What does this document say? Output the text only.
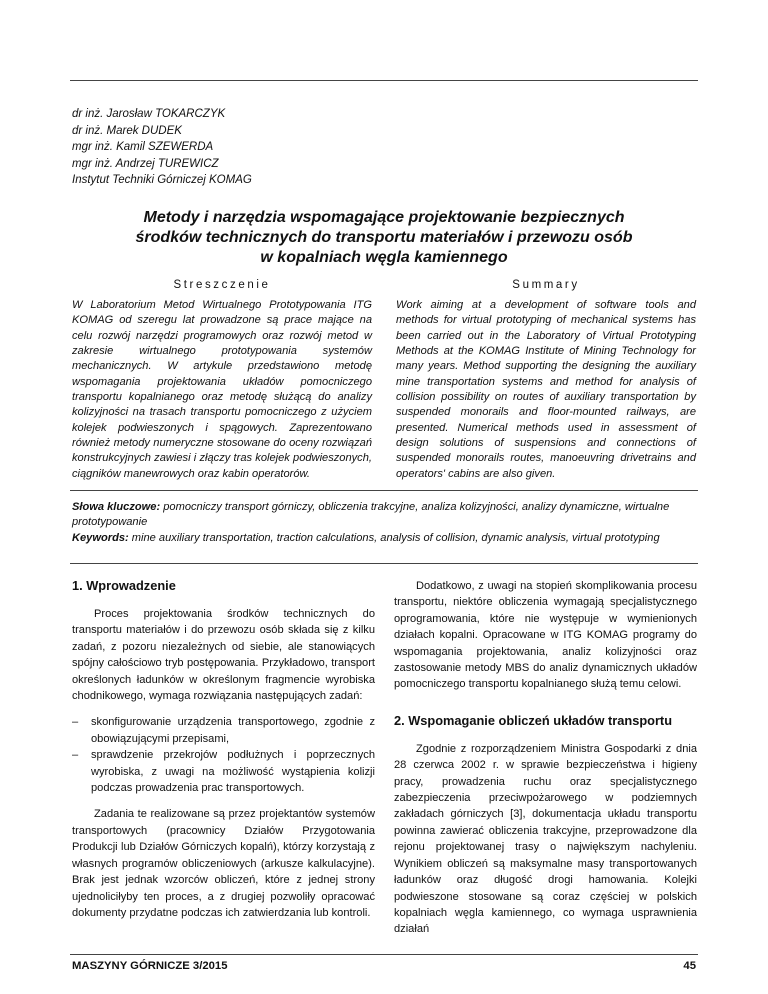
dr inż. Jarosław TOKARCZYK
dr inż. Marek DUDEK
mgr inż. Kamil SZEWERDA
mgr inż. Andrzej TUREWICZ
Instytut Techniki Górniczej KOMAG
Metody i narzędzia wspomagające projektowanie bezpiecznych
środków technicznych do transportu materiałów i przewozu osób
w kopalniach węgla kamiennego
Streszczenie	Summary
W Laboratorium Metod Wirtualnego Prototypowania ITG KOMAG od szeregu lat prowadzone są prace mające na celu rozwój narzędzi programowych oraz rozwój metod w zakresie wirtualnego prototypowania systemów mechanicznych. W artykule przedstawiono metodę wspomagania projektowania układów pomocniczego transportu kopalnianego oraz metodę służącą do analizy kolizyjności na trasach transportu pomocniczego z użyciem kolejek podwieszonych i spągowych. Zaprezentowano również metody numeryczne stosowane do oceny rozwiązań konstrukcyjnych zawiesi i złączy tras kolejek podwieszonych, ciągników manewrowych oraz kabin operatorów.
Work aiming at a development of software tools and methods for virtual prototyping of mechanical systems has been carried out in the Laboratory of Virtual Prototyping Methods at the KOMAG Institute of Mining Technology for many years. Method supporting the designing the auxiliary mine transportation systems and method for analysis of collision possibility on routes of auxiliary transportation by suspended monorails and floor-mounted railways, are presented. Numerical methods used in assessment of design solutions of suspensions and connections of suspended monorails routes, manoeuvring drivetrains and operators' cabins are also given.
Słowa kluczowe: pomocniczy transport górniczy, obliczenia trakcyjne, analiza kolizyjności, analizy dynamiczne, wirtualne prototypowanie
Keywords: mine auxiliary transportation, traction calculations, analysis of collision, dynamic analysis, virtual prototyping
1. Wprowadzenie

Proces projektowania środków technicznych do transportu materiałów i do przewozu osób składa się z kilku zadań, z pozoru niezależnych od siebie, ale stanowiących spójny całościowo tryb postępowania. Przykładowo, transport określonych ładunków w określonym fragmencie wyrobiska chodnikowego, wymaga rozwiązania następujących zadań:

– skonfigurowanie urządzenia transportowego, zgodnie z obowiązującymi przepisami,
– sprawdzenie przekrojów podłużnych i poprzecznych wyrobiska, z uwagi na możliwość wystąpienia kolizji podczas prowadzenia prac transportowych.

Zadania te realizowane są przez projektantów systemów transportowych (pracownicy Działów Przygotowania Produkcji lub Działów Górniczych kopalń), którzy korzystają z własnych programów obliczeniowych (arkusze kalkulacyjne). Brak jest jednak wzorców obliczeń, które z jednej strony ujednoliciłyby ten proces, a z drugiej pozwoliły opracować dokumenty przydatne podczas ich zatwierdzania lub kontroli.

Dodatkowo, z uwagi na stopień skomplikowania procesu transportu, niektóre obliczenia wymagają specjalistycznego oprogramowania, które nie występuje w wymienionych działach kopalni. Opracowane w ITG KOMAG programy do wspomagania projektowania, analiz kolizyjności oraz zastosowanie metody MBS do analiz dynamicznych układów pomocniczego transportu kopalnianego służą temu celowi.

2. Wspomaganie obliczeń układów transportu

Zgodnie z rozporządzeniem Ministra Gospodarki z dnia 28 czerwca 2002 r. w sprawie bezpieczeństwa i higieny pracy, prowadzenia ruchu oraz specjalistycznego zabezpieczenia przeciwpożarowego w podziemnych zakładach górniczych [3], dokumentacja układu transportu powinna zawierać obliczenia trakcyjne, przeprowadzone dla rejonu projektowanej trasy o największym nachyleniu. Wynikiem obliczeń są maksymalne masy transportowanych ładunków oraz długość drogi hamowania. Kolejki podwieszone stosowane są coraz częściej w polskich kopalniach węgla kamiennego, co wymaga usprawnienia działań

MASZYNY GÓRNICZE 3/2015	45
